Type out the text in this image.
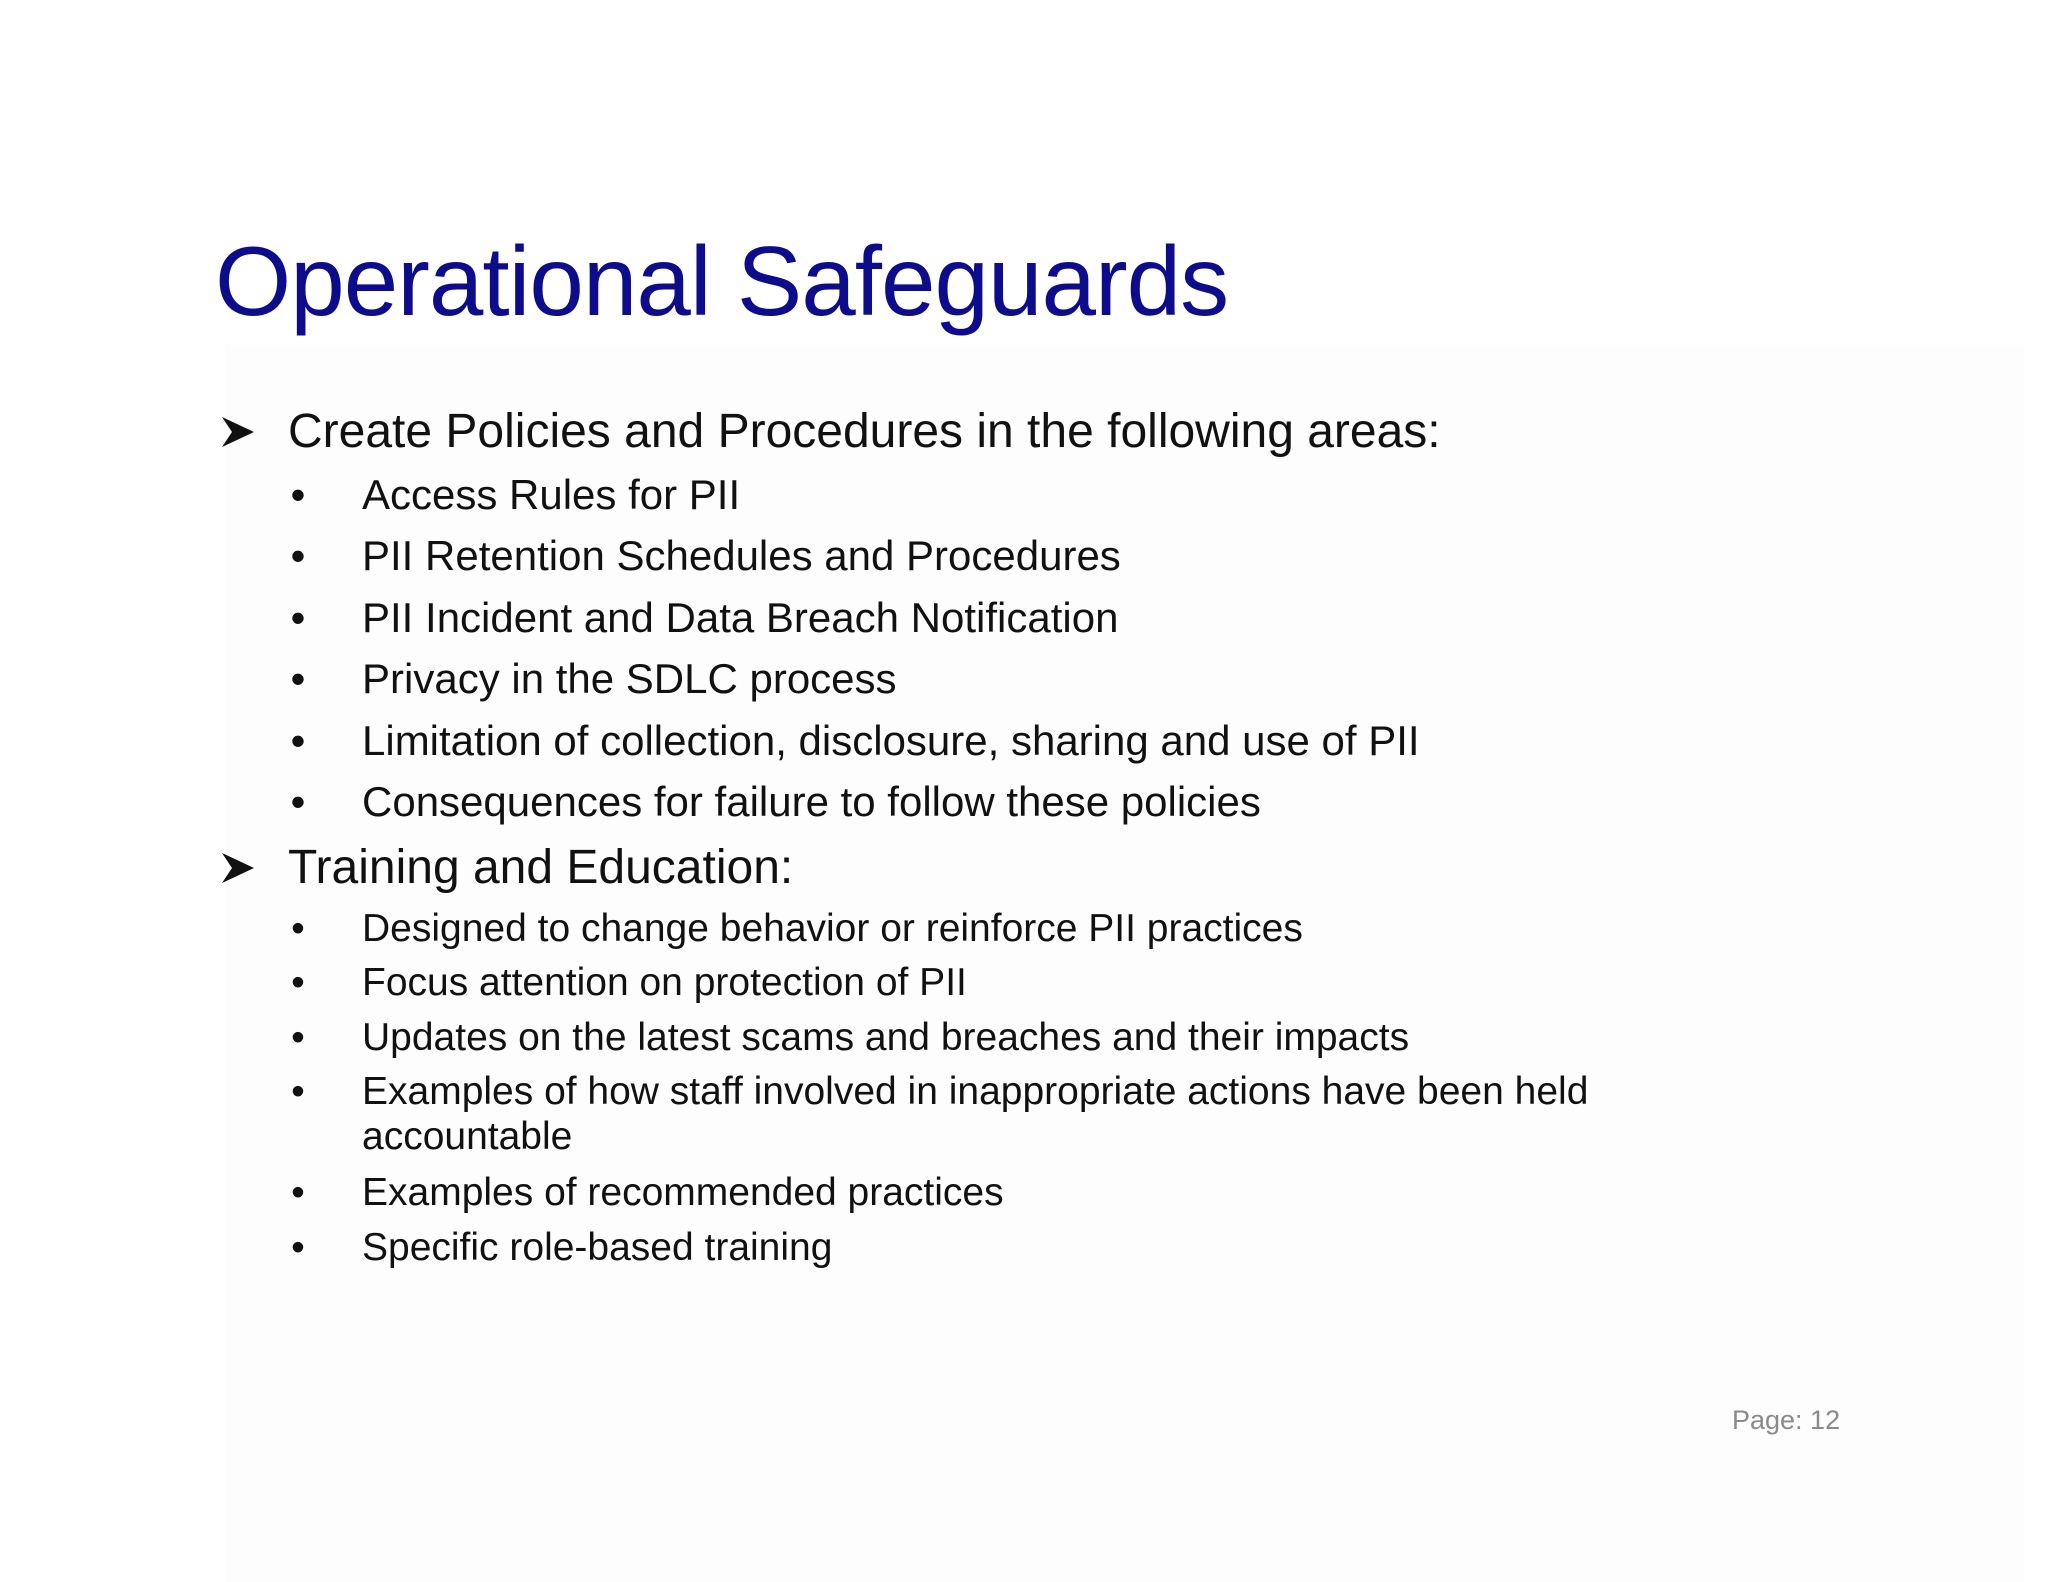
Operational Safeguards
Create Policies and Procedures in the following areas:
• Access Rules for PII
• PII Retention Schedules and Procedures
• PII Incident and Data Breach Notification
• Privacy in the SDLC process
• Limitation of collection, disclosure, sharing and use of PII
• Consequences for failure to follow these policies
Training and Education:
• Designed to change behavior or reinforce PII practices
• Focus attention on protection of PII
• Updates on the latest scams and breaches and their impacts
• Examples of how staff involved in inappropriate actions have been held accountable
• Examples of recommended practices
• Specific role-based training
Page: 12
